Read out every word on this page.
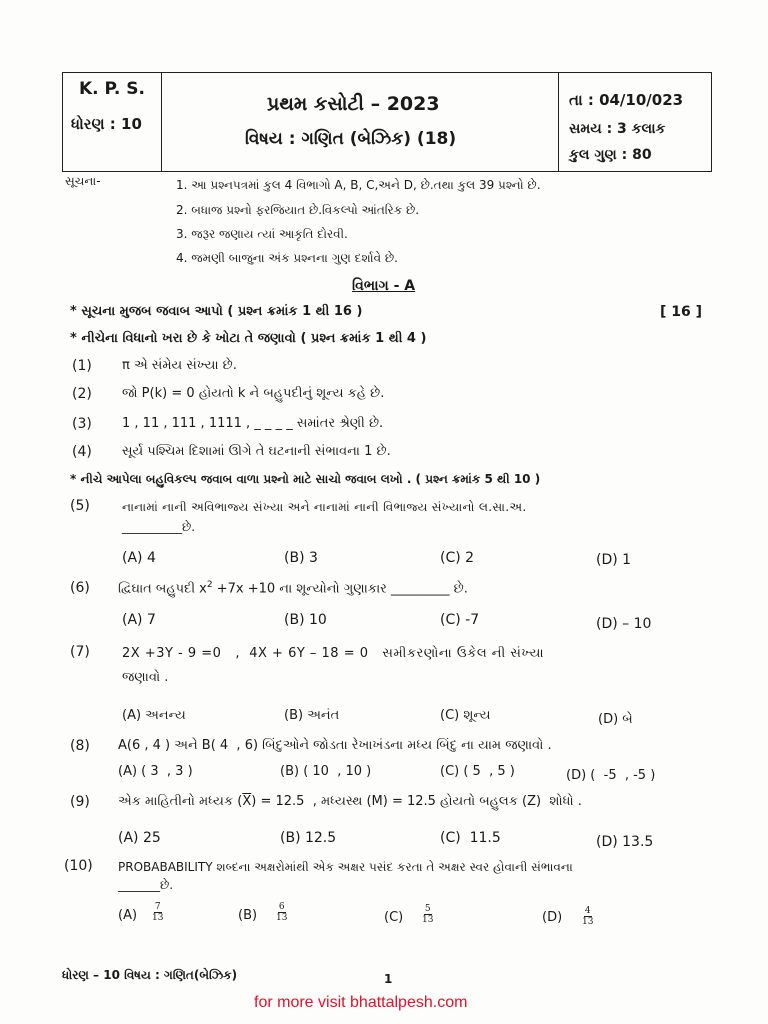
K. P. S.
ધોરણ : 10
પ્રથમ કસોટી – 2023
વિષય : ગણિત (બેઝિક) (18)
તા : 04/10/023
સમય : 3 કલાક
કુલ ગુણ : 80
સૂચના-	1. આ પ્રશ્નપત્રમાં કુલ 4 વિભાગો A, B, C,અને D, છે.તથા કુલ 39 પ્રશ્નો છે.
2. બધાજ પ્રશ્નો ફરજિયાત છે.વિકલ્પો આંતરિક છે.
3. જરૂર જણાય ત્યાં આકૃતિ દોરવી.
4. જમણી બાજુના અંક પ્રશ્નના ગુણ દર્શાવે છે.
વિભાગ - A
* સૂચના મુજબ જવાબ આપો ( પ્રશ્ન ક્રમાંક 1 થી 16 )	[ 16 ]
* નીચેના વિધાનો ખરા છે કે ખોટા તે જણાવો ( પ્રશ્ન ક્રમાંક 1 થી 4 )
(1) π એ સંમેય સંખ્યા છે.
(2) જો P(k) = 0 હોયતો k ને બહુપદીનું શૂન્ય કહે છે.
(3) 1 , 11 , 111 , 1111 , _ _ _ _ સમાંતર શ્રેણી છે.
(4) સૂર્ય પશ્ચિમ દિશામાં ઊગે તે ઘટનાની સંભાવના 1 છે.
* નીચે આપેલા બહુવિકલ્પ જવાબ વાળા પ્રશ્નો માટે સાચો જવાબ લખો . ( પ્રશ્ન ક્રમાંક 5 થી 10 )
(5)	નાનામાં નાની અવિભાજ્ય સંખ્યા અને નાનામાં નાની વિભાજ્ય સંખ્યાનો લ.સા.અ.
__________છે.
(A) 4	(B) 3	(C) 2	(D) 1
(6) દ્વિઘાત બહુપદી $x^2 +7x +10$ ના શૂન્યોનો ગુણાકાર _________ છે.
(A) 7	(B) 10	(C) -7	(D) – 10
(7) 2X +3Y - 9 =0   ,  4X + 6Y – 18 = 0   સમીકરણોના ઉકેલ ની સંખ્યા
જણાવો .
(A) અનન્ય	(B) અનંત	(C) શૂન્ય	(D) બે
(8) A(6 , 4 ) અને B( 4  , 6) બિંદુઓને જોડતા રેખાખંડના મધ્ય બિંદુ ના યામ જણાવો .
(A) ( 3  , 3 )	(B) ( 10  , 10 )	(C) ( 5  , 5 )	(D) (  -5  , -5 )
(9) એક માહિતીનો મધ્યક $(\overline{X}) = 12.5$  , મધ્યસ્થ (M) = 12.5 હોયતો બહુલક (Z)  શોધો .
(A) 25	(B) 12.5	(C)  11.5	(D) 13.5
(10) PROBABABILITY શબ્દના અક્ષરોમાંથી એક અક્ષર પસંદ કરતા તે અક્ષર સ્વર હોવાની સંભાવના
_______છે.
$(A) \frac{7}{13}$	$(B) \frac{6}{13}$	$(C) \frac{5}{13}$	$(D) \frac{4}{13}$
ધોરણ – 10 વિષય : ગણિત(બેઝિક)	1
for more visit bhattalpesh.com
